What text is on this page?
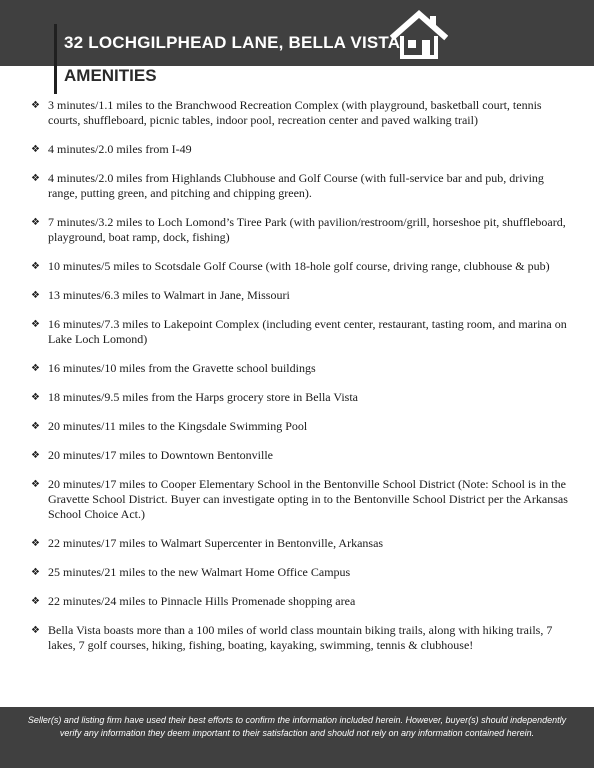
32 LOCHGILPHEAD LANE, BELLA VISTA
AMENITIES
❖ 3 minutes/1.1 miles to the Branchwood Recreation Complex (with playground, basketball court, tennis courts, shuffleboard, picnic tables, indoor pool, recreation center and paved walking trail)
❖ 4 minutes/2.0 miles from I-49
❖ 4 minutes/2.0 miles from Highlands Clubhouse and Golf Course (with full-service bar and pub, driving range, putting green, and pitching and chipping green).
❖ 7 minutes/3.2 miles to Loch Lomond’s Tiree Park (with pavilion/restroom/grill, horseshoe pit, shuffleboard, playground, boat ramp, dock, fishing)
❖ 10 minutes/5 miles to Scotsdale Golf Course (with 18-hole golf course, driving range, clubhouse & pub)
❖ 13 minutes/6.3 miles to Walmart in Jane, Missouri
❖ 16 minutes/7.3 miles to Lakepoint Complex (including event center, restaurant, tasting room, and marina on Lake Loch Lomond)
❖ 16 minutes/10 miles from the Gravette school buildings
❖ 18 minutes/9.5 miles from the Harps grocery store in Bella Vista
❖ 20 minutes/11 miles to the Kingsdale Swimming Pool
❖ 20 minutes/17 miles to Downtown Bentonville
❖ 20 minutes/17 miles to Cooper Elementary School in the Bentonville School District (Note: School is in the Gravette School District. Buyer can investigate opting in to the Bentonville School District per the Arkansas School Choice Act.)
❖ 22 minutes/17 miles to Walmart Supercenter in Bentonville, Arkansas
❖ 25 minutes/21 miles to the new Walmart Home Office Campus
❖ 22 minutes/24 miles to Pinnacle Hills Promenade shopping area
❖ Bella Vista boasts more than a 100 miles of world class mountain biking trails, along with hiking trails, 7 lakes, 7 golf courses, hiking, fishing, boating, kayaking, swimming, tennis & clubhouse!
Seller(s) and listing firm have used their best efforts to confirm the information included herein. However, buyer(s) should independently verify any information they deem important to their satisfaction and should not rely on any information contained herein.
